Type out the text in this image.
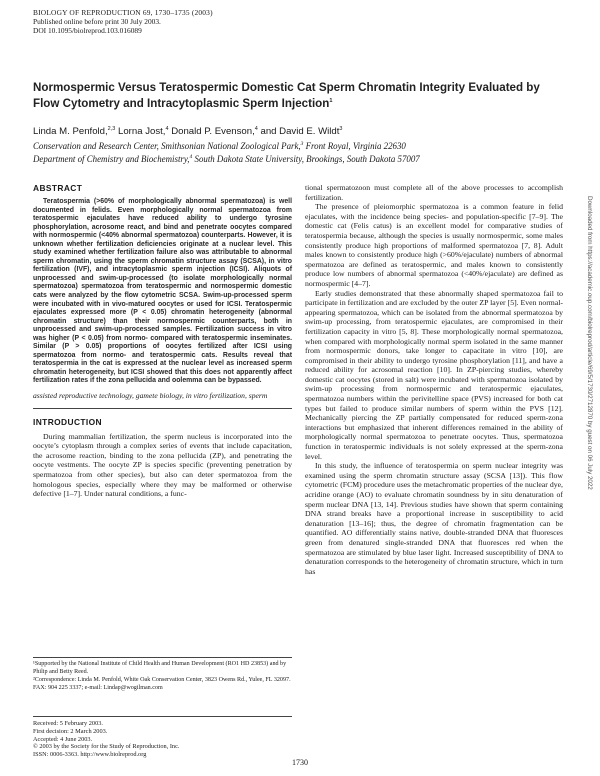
BIOLOGY OF REPRODUCTION 69, 1730–1735 (2003)
Published online before print 30 July 2003.
DOI 10.1095/biolreprod.103.016089
Normospermic Versus Teratospermic Domestic Cat Sperm Chromatin Integrity Evaluated by Flow Cytometry and Intracytoplasmic Sperm Injection$^1$
Linda M. Penfold,$^{2,3}$ Lorna Jost,$^4$ Donald P. Evenson,$^4$ and David E. Wildt$^3$
Conservation and Research Center, Smithsonian National Zoological Park,$^3$ Front Royal, Virginia 22630
Department of Chemistry and Biochemistry,$^4$ South Dakota State University, Brookings, South Dakota 57007
ABSTRACT

Teratospermia (>60% of morphologically abnormal spermatozoa) is well documented in felids. Even morphologically normal spermatozoa from teratospermic ejaculates have reduced ability to undergo tyrosine phosphorylation, acrosome react, and bind and penetrate oocytes compared with normospermic (<40% abnormal spermatozoa) counterparts. However, it is unknown whether fertilization deficiencies originate at a nuclear level. This study examined whether fertilization failure also was attributable to abnormal sperm chromatin, using the sperm chromatin structure assay (SCSA), in vitro fertilization (IVF), and intracytoplasmic sperm injection (ICSI). Aliquots of unprocessed and swim-up-processed (to isolate morphologically normal spermatozoa) spermatozoa from teratospermic and normospermic domestic cats were analyzed by the flow cytometric SCSA. Swim-up-processed sperm were incubated with in vivo-matured oocytes or used for ICSI. Teratospermic ejaculates expressed more (P < 0.05) chromatin heterogeneity (abnormal chromatin structure) than their normospermic counterparts, both in unprocessed and swim-up-processed samples. Fertilization success in vitro was higher (P < 0.05) from normo- compared with teratospermic inseminates. Similar (P > 0.05) proportions of oocytes fertilized after ICSI using spermatozoa from normo- and teratospermic cats. Results reveal that teratospermia in the cat is expressed at the nuclear level as increased sperm chromatin heterogeneity, but ICSI showed that this does not apparently affect fertilization rates if the zona pellucida and oolemma can be bypassed.

assisted reproductive technology, gamete biology, in vitro fertilization, sperm

INTRODUCTION

During mammalian fertilization, the sperm nucleus is incorporated into the oocyte’s cytoplasm through a complex series of events that include capacitation, the acrosome reaction, binding to the zona pellucida (ZP), and penetrating the oocyte vestments. The oocyte ZP is species specific (preventing penetration by spermatozoa from other species), but also can deter spermatozoa from the homologous species, especially where they may be malformed or otherwise defective [1–7]. Under natural conditions, a func-

tional spermatozoon must complete all of the above processes to accomplish fertilization.

The presence of pleiomorphic spermatozoa is a common feature in felid ejaculates, with the incidence being species- and population-specific [7–9]. The domestic cat (Felis catus) is an excellent model for comparative studies of teratospermia because, although the species is usually normospermic, some males consistently produce high proportions of malformed spermatozoa [7, 8]. Adult males known to consistently produce high (>60%/ejaculate) numbers of abnormal spermatozoa are defined as teratospermic, and males known to consistently produce low numbers of abnormal spermatozoa (<40%/ejaculate) are defined as normospermic [4–7].

Early studies demonstrated that these abnormally shaped spermatozoa fail to participate in fertilization and are excluded by the outer ZP layer [5]. Even normal-appearing spermatozoa, which can be isolated from the abnormal spermatozoa by swim-up processing, from teratospermic ejaculates, are compromised in their fertilization capacity in vitro [5, 8]. These morphologically normal spermatozoa, when compared with morphologically normal sperm isolated in the same manner from normospermic donors, take longer to capacitate in vitro [10], are compromised in their ability to undergo tyrosine phosphorylation [11], and have a reduced ability for acrosomal reaction [10]. In ZP-piercing studies, whereby domestic cat oocytes (stored in salt) were incubated with spermatozoa isolated by swim-up processing from normospermic and teratospermic ejaculates, spermatozoa numbers within the perivitelline space (PVS) increased for both cat types but failed to produce similar numbers of sperm within the PVS [12]. Mechanically piercing the ZP partially compensated for reduced sperm-zona interactions but emphasized that inherent differences remained in the ability of morphologically normal spermatozoa to penetrate oocytes. Thus, spermatozoa function in teratospermic individuals is not solely expressed at the sperm-zona level.

In this study, the influence of teratospermia on sperm nuclear integrity was examined using the sperm chromatin structure assay (SCSA [13]). This flow cytometric (FCM) procedure uses the metachromatic properties of the nuclear dye, acridine orange (AO) to evaluate chromatin soundness by in situ denaturation of sperm nuclear DNA [13, 14]. Previous studies have shown that sperm containing DNA strand breaks have a proportional increase in susceptibility to acid denaturation [13–16]; thus, the degree of chromatin fragmentation can be quantified. AO differentially stains native, double-stranded DNA that fluoresces green from denatured single-stranded DNA that fluoresces red when the spermatozoa are stimulated by blue laser light. Increased susceptibility of DNA to denaturation corresponds to the heterogeneity of chromatin structure, which in turn has

¹Supported by the National Institute of Child Health and Human Development (RO1 HD 23853) and by Philip and Betty Reed.

²Correspondence: Linda M. Penfold, White Oak Conservation Center, 3823 Owens Rd., Yulee, FL 32097. FAX: 904 225 3337; e-mail: Lindap@wogilman.com

Received: 5 February 2003.
First decision: 2 March 2003.
Accepted: 4 June 2003.
© 2003 by the Society for the Study of Reproduction, Inc.
ISSN: 0006-3363. http://www.biolreprod.org
1730
Downloaded from https://academic.oup.com/biolreprod/article/69/5/1730/2712870 by guest on 06 July 2022
